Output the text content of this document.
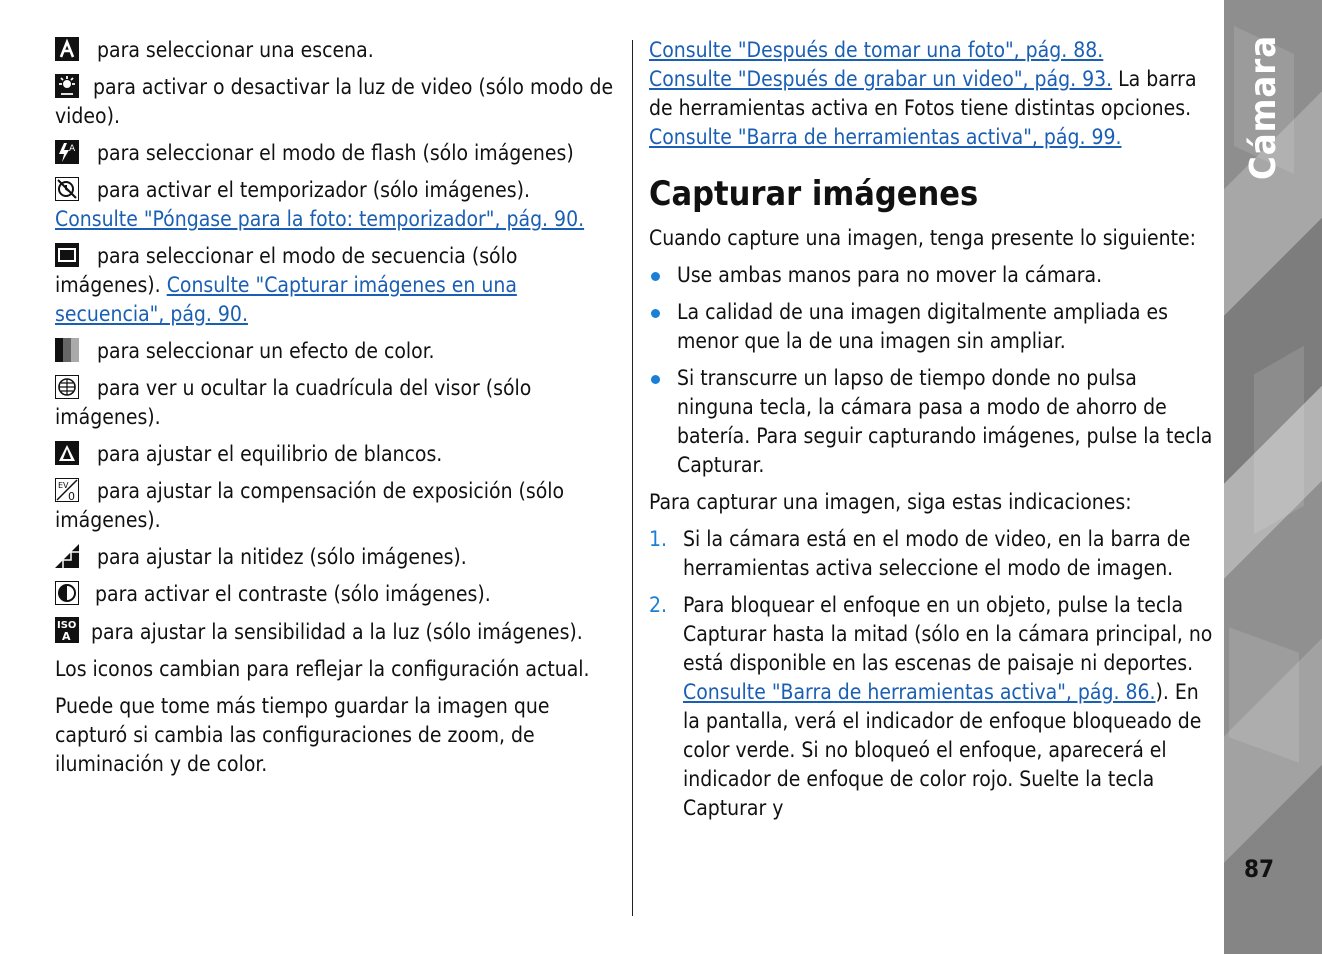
para seleccionar una escena.
para activar o desactivar la luz de video (sólo modo de video).
A para seleccionar el modo de flash (sólo imágenes)
para activar el temporizador (sólo imágenes).
Consulte "Póngase para la foto: temporizador", pág. 90.
para seleccionar el modo de secuencia (sólo imágenes). Consulte "Capturar imágenes en una secuencia", pág. 90.
para seleccionar un efecto de color.
para ver u ocultar la cuadrícula del visor (sólo imágenes).
para ajustar el equilibrio de blancos.
EV
0 para ajustar la compensación de exposición (sólo imágenes).
para ajustar la nitidez (sólo imágenes).
para activar el contraste (sólo imágenes).
ISO
A para ajustar la sensibilidad a la luz (sólo imágenes).

Los iconos cambian para reflejar la configuración actual.

Puede que tome más tiempo guardar la imagen que capturó si cambia las configuraciones de zoom, de iluminación y de color.

Consulte "Después de tomar una foto", pág. 88.
Consulte "Después de grabar un video", pág. 93. La barra de herramientas activa en Fotos tiene distintas opciones. Consulte "Barra de herramientas activa", pág. 99.

Capturar imágenes

Cuando capture una imagen, tenga presente lo siguiente:

Use ambas manos para no mover la cámara.
La calidad de una imagen digitalmente ampliada es menor que la de una imagen sin ampliar.
Si transcurre un lapso de tiempo donde no pulsa ninguna tecla, la cámara pasa a modo de ahorro de batería. Para seguir capturando imágenes, pulse la tecla Capturar.

Para capturar una imagen, siga estas indicaciones:

1. Si la cámara está en el modo de video, en la barra de herramientas activa seleccione el modo de imagen.
2. Para bloquear el enfoque en un objeto, pulse la tecla Capturar hasta la mitad (sólo en la cámara principal, no está disponible en las escenas de paisaje ni deportes. Consulte "Barra de herramientas activa", pág. 86.). En la pantalla, verá el indicador de enfoque bloqueado de color verde. Si no bloqueó el enfoque, aparecerá el indicador de enfoque de color rojo. Suelte la tecla Capturar y
Cámara
87
